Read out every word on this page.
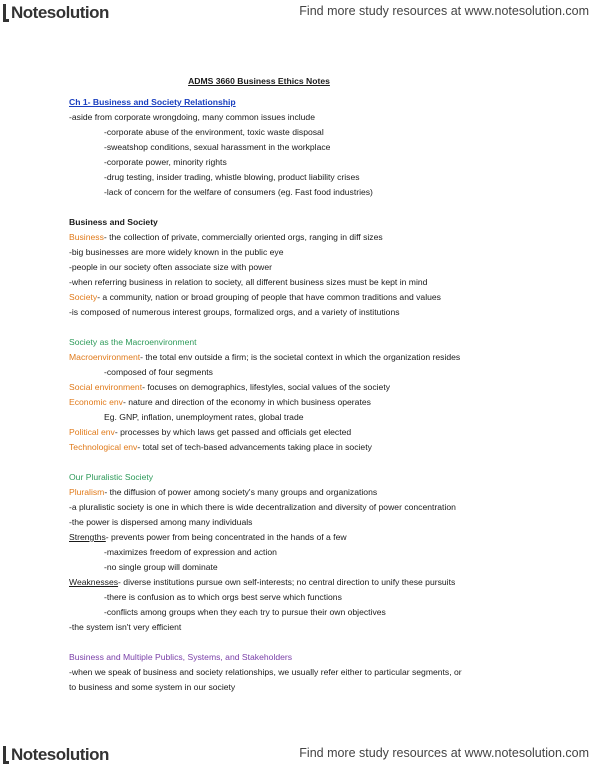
Notesolution	Find more study resources at www.notesolution.com
ADMS 3660 Business Ethics Notes
Ch 1- Business and Society Relationship
-aside from corporate wrongdoing, many common issues include
-corporate abuse of the environment, toxic waste disposal
-sweatshop conditions, sexual harassment in the workplace
-corporate power, minority rights
-drug testing, insider trading, whistle blowing, product liability crises
-lack of concern for the welfare of consumers (eg. Fast food industries)
Business and Society
Business- the collection of private, commercially oriented orgs, ranging in diff sizes
-big businesses are more widely known in the public eye
-people in our society often associate size with power
-when referring business in relation to society, all different business sizes must be kept in mind
Society- a community, nation or broad grouping of people that have common traditions and values
-is composed of numerous interest groups, formalized orgs, and a variety of institutions
Society as the Macroenvironment
Macroenvironment- the total env outside a firm; is the societal context in which the organization resides
-composed of four segments
Social environment- focuses on demographics, lifestyles, social values of the society
Economic env- nature and direction of the economy in which business operates
Eg. GNP, inflation, unemployment rates, global trade
Political env- processes by which laws get passed and officials get elected
Technological env- total set of tech-based advancements taking place in society
Our Pluralistic Society
Pluralism- the diffusion of power among society's many groups and organizations
-a pluralistic society is one in which there is wide decentralization and diversity of power concentration
-the power is dispersed among many individuals
Strengths- prevents power from being concentrated in the hands of a few
-maximizes freedom of expression and action
-no single group will dominate
Weaknesses- diverse institutions pursue own self-interests; no central direction to unify these pursuits
-there is confusion as to which orgs best serve which functions
-conflicts among groups when they each try to pursue their own objectives
-the system isn't very efficient
Business and Multiple Publics, Systems, and Stakeholders
-when we speak of business and society relationships, we usually refer either to particular segments, or
to business and some system in our society
Notesolution	Find more study resources at www.notesolution.com
